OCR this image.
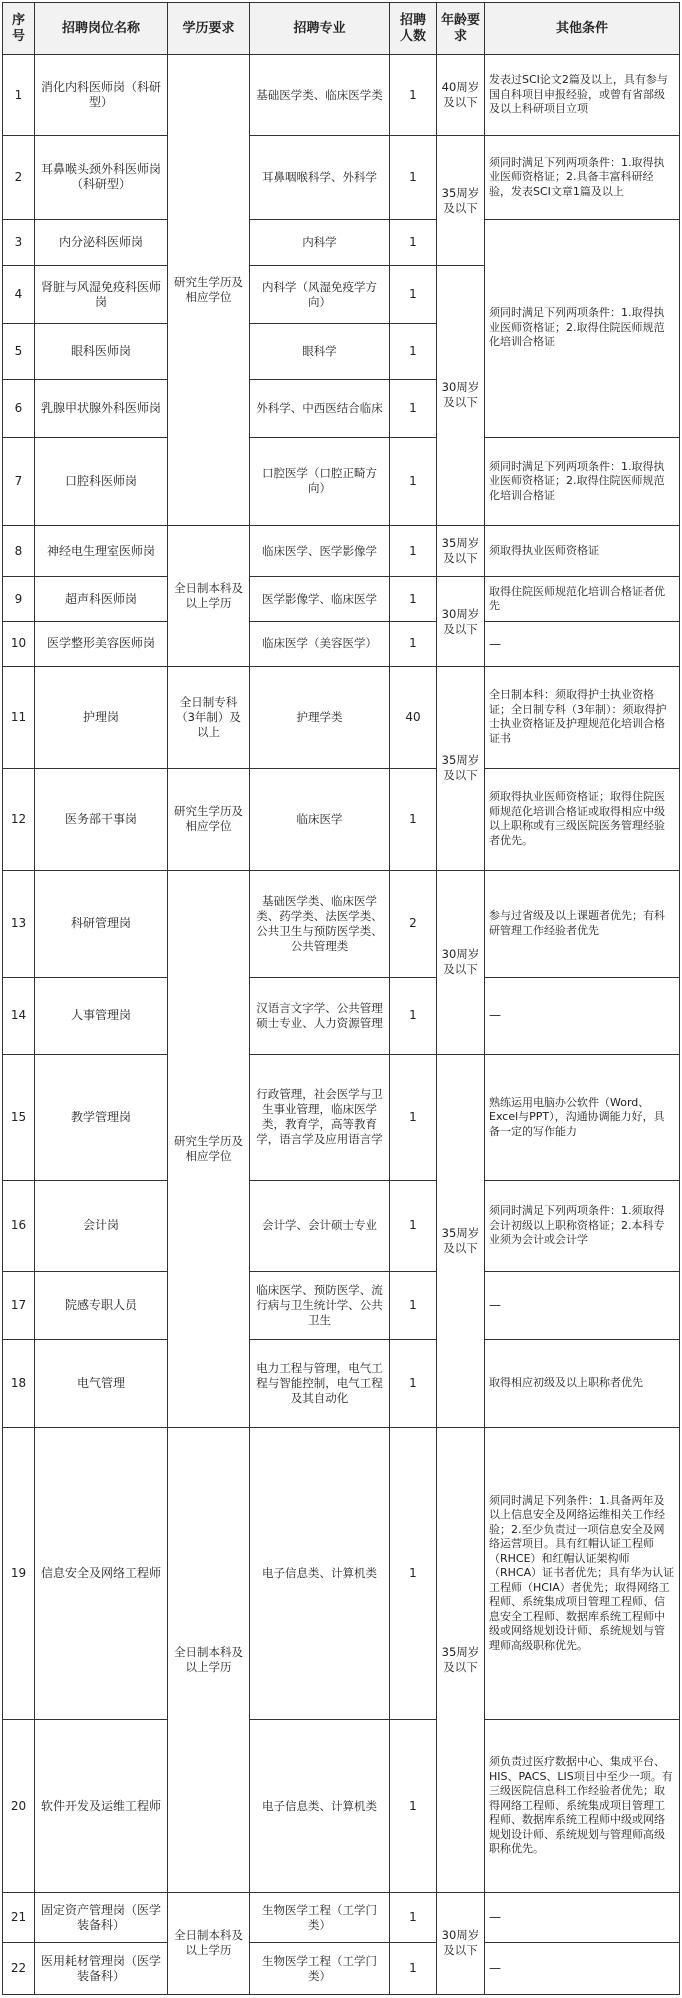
序号	招聘岗位名称	学历要求	招聘专业	招聘人数	年龄要求	其他条件
1	消化内科医师岗（科研型）	研究生学历及相应学位	基础医学类、临床医学类	1	40周岁及以下	发表过SCI论文2篇及以上，具有参与国自科项目申报经验，或曾有省部级及以上科研项目立项
2	耳鼻喉头颈外科医师岗（科研型）		耳鼻咽喉科学、外科学	1	35周岁及以下	须同时满足下列两项条件：1.取得执业医师资格证；2.具备丰富科研经验，发表SCI文章1篇及以上
3	内分泌科医师岗		内科学	1		须同时满足下列两项条件：1.取得执业医师资格证；2.取得住院医师规范化培训合格证
4	肾脏与风湿免疫科医师岗		内科学（风湿免疫学方向）	1	30周岁及以下	
5	眼科医师岗		眼科学	1		
6	乳腺甲状腺外科医师岗		外科学、中西医结合临床	1		
7	口腔科医师岗		口腔医学（口腔正畸方向）	1		须同时满足下列两项条件：1.取得执业医师资格证；2.取得住院医师规范化培训合格证
8	神经电生理室医师岗	全日制本科及以上学历	临床医学、医学影像学	1	35周岁及以下	须取得执业医师资格证
9	超声科医师岗		医学影像学、临床医学	1	30周岁及以下	取得住院医师规范化培训合格证者优先
10	医学整形美容医师岗		临床医学（美容医学）	1		—
11	护理岗	全日制专科（3年制）及以上	护理学类	40	35周岁及以下	全日制本科：须取得护士执业资格证；全日制专科（3年制）：须取得护士执业资格证及护理规范化培训合格证书
12	医务部干事岗	研究生学历及相应学位	临床医学	1		须取得执业医师资格证；取得住院医师规范化培训合格证或取得相应中级以上职称或有三级医院医务管理经验者优先。
13	科研管理岗	研究生学历及相应学位	基础医学类、临床医学类、药学类、法医学类、公共卫生与预防医学类、公共管理类	2	30周岁及以下	参与过省级及以上课题者优先；有科研管理工作经验者优先
14	人事管理岗		汉语言文字学、公共管理硕士专业、人力资源管理	1		—
15	教学管理岗		行政管理，社会医学与卫生事业管理，临床医学类，教育学，高等教育学，语言学及应用语言学	1	35周岁及以下	熟练运用电脑办公软件（Word、Excel与PPT），沟通协调能力好，具备一定的写作能力
16	会计岗		会计学、会计硕士专业	1		须同时满足下列两项条件：1.须取得会计初级以上职称资格证；2.本科专业须为会计或会计学
17	院感专职人员		临床医学、预防医学、流行病与卫生统计学、公共卫生	1		—
18	电气管理		电力工程与管理，电气工程与智能控制，电气工程及其自动化	1		取得相应初级及以上职称者优先
19	信息安全及网络工程师	全日制本科及以上学历	电子信息类、计算机类	1	35周岁及以下	须同时满足下列条件：1.具备两年及以上信息安全及网络运维相关工作经验；2.至少负责过一项信息安全及网络运营项目。具有红帽认证工程师（RHCE）和红帽认证架构师（RHCA）证书者优先；具有华为认证工程师（HCIA）者优先；取得网络工程师、系统集成项目管理工程师、信息安全工程师、数据库系统工程师中级或网络规划设计师、系统规划与管理师高级职称优先。
20	软件开发及运维工程师		电子信息类、计算机类	1		须负责过医疗数据中心、集成平台、HIS、PACS、LIS项目中至少一项。有三级医院信息科工作经验者优先；取得网络工程师、系统集成项目管理工程师、数据库系统工程师中级或网络规划设计师、系统规划与管理师高级职称优先。
21	固定资产管理岗（医学装备科）	全日制本科及以上学历	生物医学工程（工学门类）	1	30周岁及以下	—
22	医用耗材管理岗（医学装备科）		生物医学工程（工学门类）	1		—
